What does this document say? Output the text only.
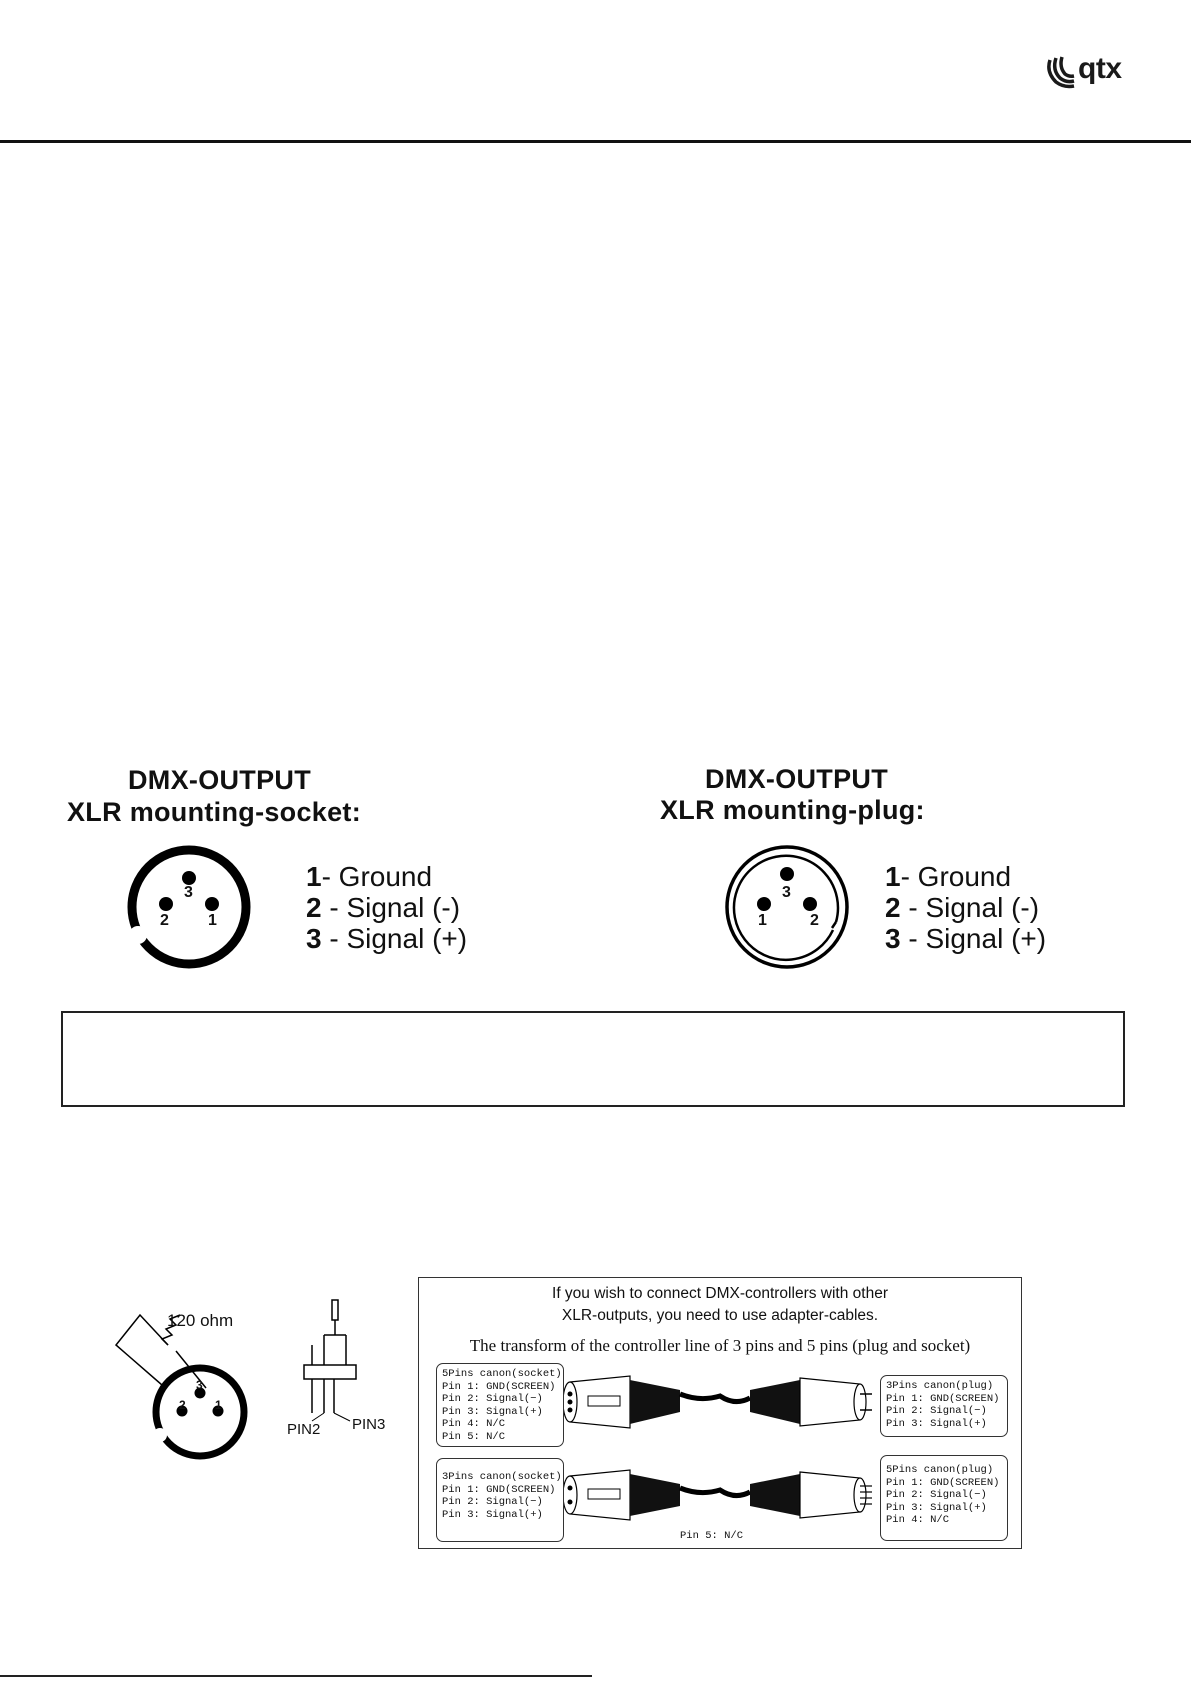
qtx
DMX-OUTPUT
XLR mounting-socket:
3
2 1
1- Ground
2 - Signal (-)
3 - Signal (+)
DMX-OUTPUT
XLR mounting-plug:
3
1	2
1- Ground
2 - Signal (-)
3 - Signal (+)
120 ohm
3
2 1
PIN2 PIN3
If you wish to connect DMX-controllers with other
XLR-outputs, you need to use adapter-cables.
The transform of the controller line of 3 pins and 5 pins (plug and socket)
5Pins canon(socket)
Pin 1: GND(SCREEN)
Pin 2: Signal(−)
Pin 3: Signal(+)
Pin 4: N/C
Pin 5: N/C
3Pins canon(plug)
Pin 1: GND(SCREEN)
Pin 2: Signal(−)
Pin 3: Signal(+)
3Pins canon(socket)
Pin 1: GND(SCREEN)
Pin 2: Signal(−)
Pin 3: Signal(+)
5Pins canon(plug)
Pin 1: GND(SCREEN)
Pin 2: Signal(−)
Pin 3: Signal(+)
Pin 4: N/C
Pin 5: N/C
